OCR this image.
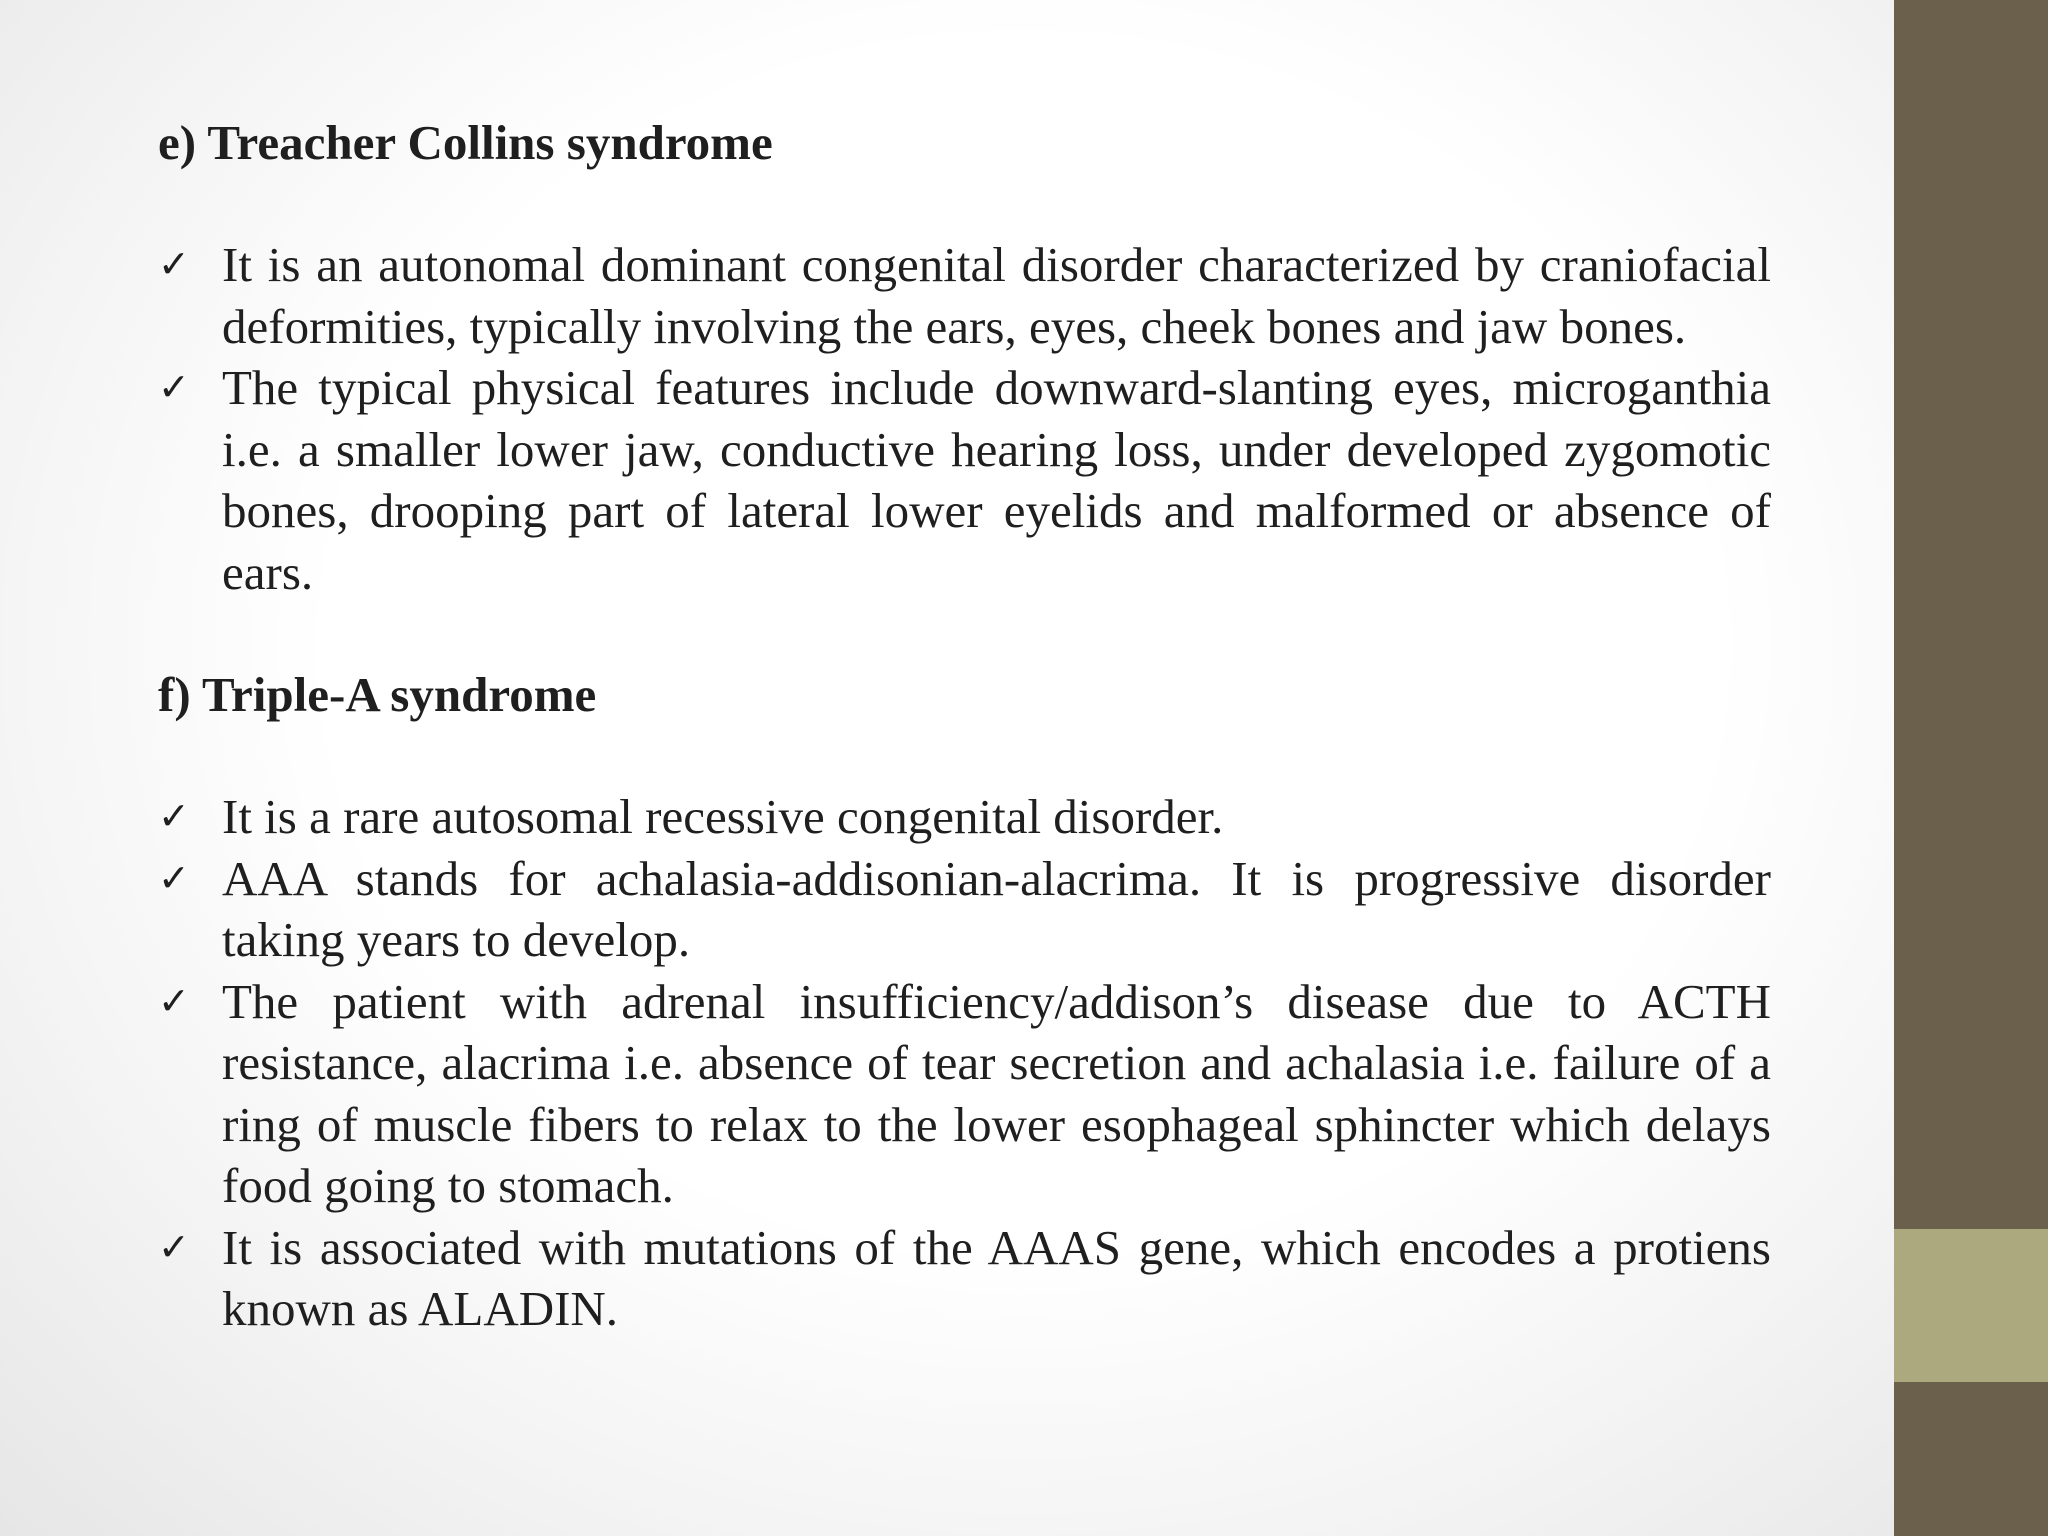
e) Treacher Collins syndrome
✓ It is an autonomal dominant congenital disorder characterized by craniofacial deformities, typically involving the ears, eyes, cheek bones and jaw bones.
✓ The typical physical features include downward-slanting eyes, microganthia i.e. a smaller lower jaw, conductive hearing loss, under developed zygomotic bones, drooping part of lateral lower eyelids and malformed or absence of ears.
f) Triple-A syndrome
✓ It is a rare autosomal recessive congenital disorder.
✓ AAA stands for achalasia-addisonian-alacrima. It is progressive disorder taking years to develop.
✓ The patient with adrenal insufficiency/addison’s disease due to ACTH resistance, alacrima i.e. absence of tear secretion and achalasia i.e. failure of a ring of muscle fibers to relax to the lower esophageal sphincter which delays food going to stomach.
✓ It is associated with mutations of the AAAS gene, which encodes a protiens known as ALADIN.
